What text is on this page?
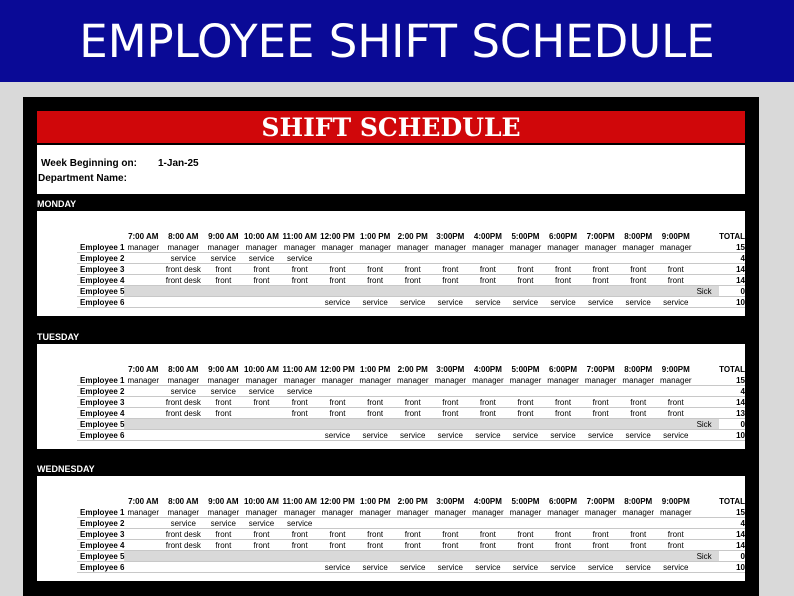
EMPLOYEE SHIFT SCHEDULE
SHIFT SCHEDULE
Week Beginning on: 1-Jan-25
Department Name:
MONDAY
	7:00 AM	8:00 AM	9:00 AM	10:00 AM	11:00 AM	12:00 PM	1:00 PM	2:00 PM	3:00PM	4:00PM	5:00PM	6:00PM	7:00PM	8:00PM	9:00PM		TOTAL
Employee 1	manager	manager	manager	manager	manager	manager	manager	manager	manager	manager	manager	manager	manager	manager	manager		15
Employee 2		service	service	service	service												4
Employee 3		front desk	front	front	front	front	front	front	front	front	front	front	front	front	front		14
Employee 4		front desk	front	front	front	front	front	front	front	front	front	front	front	front	front		14
Employee 5																Sick	0
Employee 6						service	service	service	service	service	service	service	service	service	service		10
TUESDAY
	7:00 AM	8:00 AM	9:00 AM	10:00 AM	11:00 AM	12:00 PM	1:00 PM	2:00 PM	3:00PM	4:00PM	5:00PM	6:00PM	7:00PM	8:00PM	9:00PM		TOTAL
Employee 1	manager	manager	manager	manager	manager	manager	manager	manager	manager	manager	manager	manager	manager	manager	manager		15
Employee 2		service	service	service	service												4
Employee 3		front desk	front	front	front	front	front	front	front	front	front	front	front	front	front		14
Employee 4		front desk	front		front	front	front	front	front	front	front	front	front	front	front		13
Employee 5																Sick	0
Employee 6						service	service	service	service	service	service	service	service	service	service		10
WEDNESDAY
	7:00 AM	8:00 AM	9:00 AM	10:00 AM	11:00 AM	12:00 PM	1:00 PM	2:00 PM	3:00PM	4:00PM	5:00PM	6:00PM	7:00PM	8:00PM	9:00PM		TOTAL
Employee 1	manager	manager	manager	manager	manager	manager	manager	manager	manager	manager	manager	manager	manager	manager	manager		15
Employee 2		service	service	service	service												4
Employee 3		front desk	front	front	front	front	front	front	front	front	front	front	front	front	front		14
Employee 4		front desk	front	front	front	front	front	front	front	front	front	front	front	front	front		14
Employee 5																Sick	0
Employee 6						service	service	service	service	service	service	service	service	service	service		10
